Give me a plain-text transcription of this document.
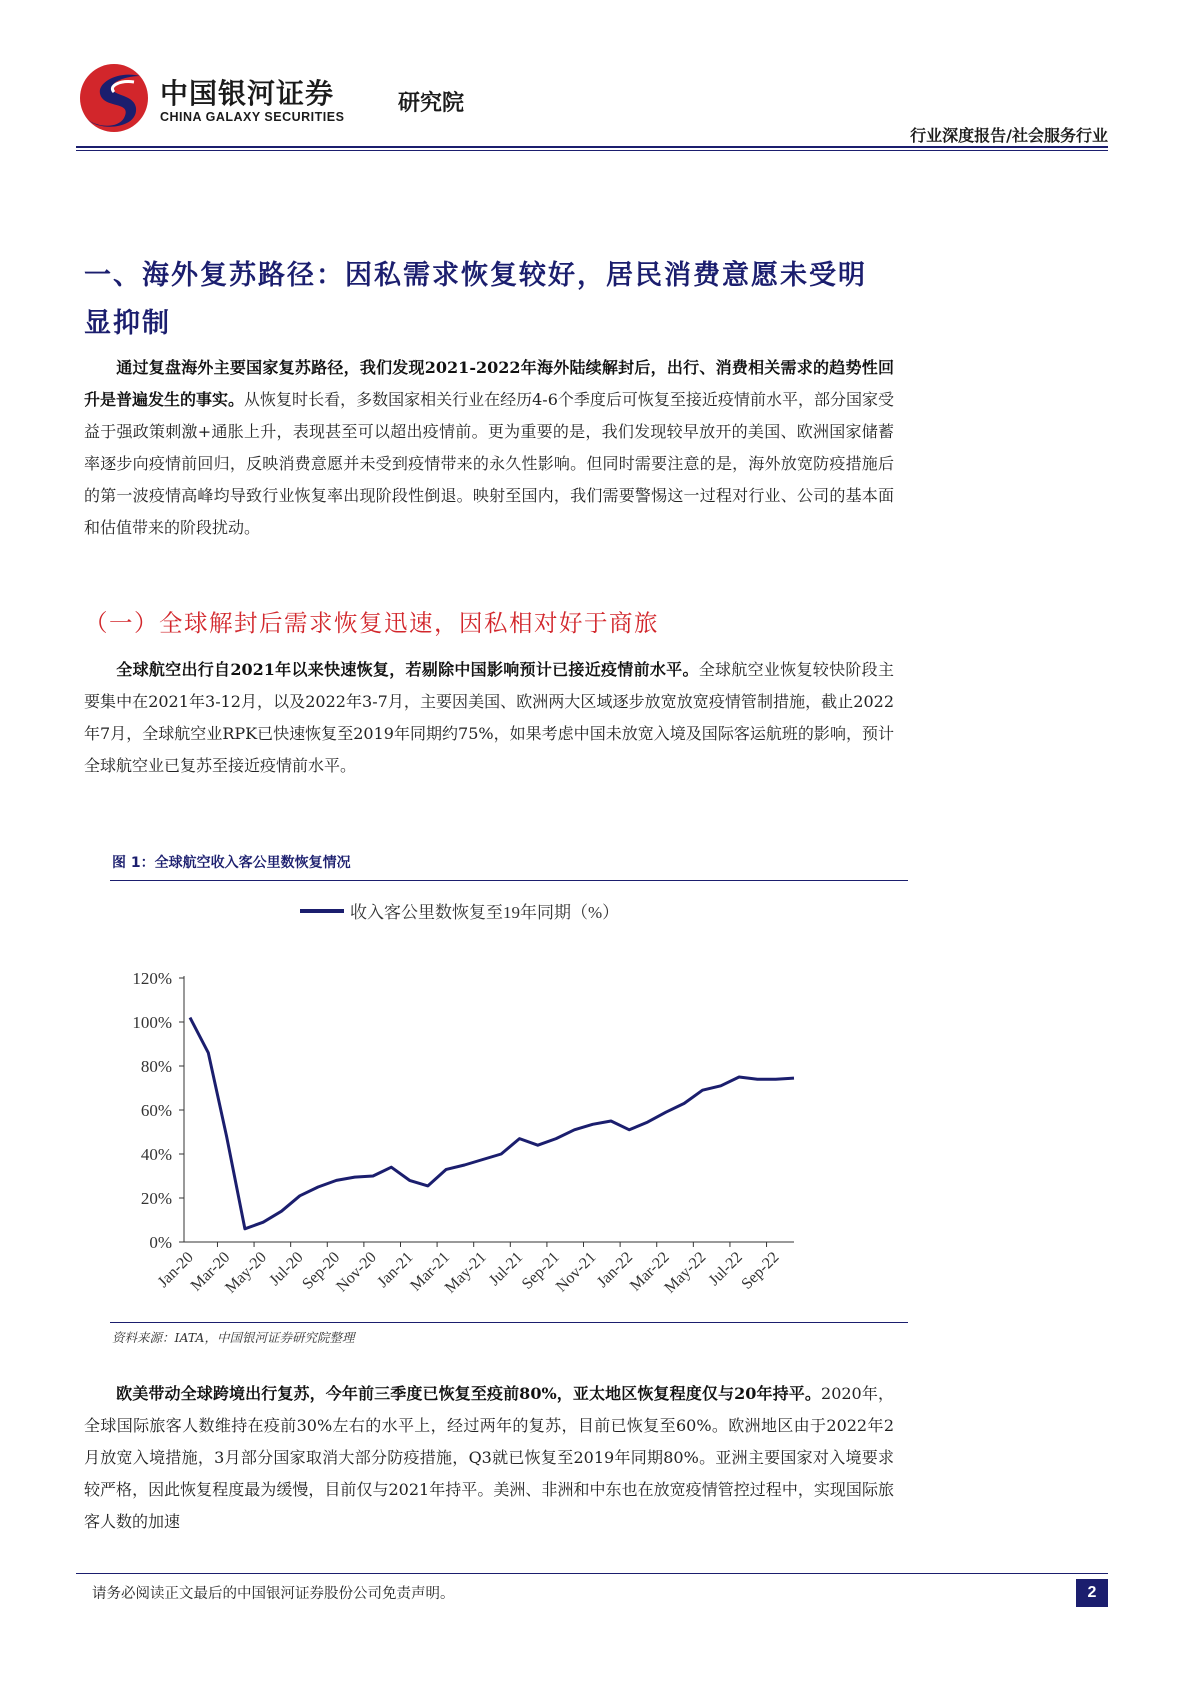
中国银河证券
CHINA GALAXY SECURITIES
研究院
行业深度报告/社会服务行业
一、海外复苏路径：因私需求恢复较好，居民消费意愿未受明显抑制
  通过复盘海外主要国家复苏路径，我们发现2021-2022年海外陆续解封后，出行、消费相关需求的趋势性回升是普遍发生的事实。从恢复时长看，多数国家相关行业在经历4-6个季度后可恢复至接近疫情前水平，部分国家受益于强政策刺激+通胀上升，表现甚至可以超出疫情前。更为重要的是，我们发现较早放开的美国、欧洲国家储蓄率逐步向疫情前回归，反映消费意愿并未受到疫情带来的永久性影响。但同时需要注意的是，海外放宽防疫措施后的第一波疫情高峰均导致行业恢复率出现阶段性倒退。映射至国内，我们需要警惕这一过程对行业、公司的基本面和估值带来的阶段扰动。
（一）全球解封后需求恢复迅速，因私相对好于商旅
  全球航空出行自2021年以来快速恢复，若剔除中国影响预计已接近疫情前水平。全球航空业恢复较快阶段主要集中在2021年3-12月，以及2022年3-7月，主要因美国、欧洲两大区域逐步放宽放宽疫情管制措施，截止2022年7月，全球航空业RPK已快速恢复至2019年同期约75%，如果考虑中国未放宽入境及国际客运航班的影响，预计全球航空业已复苏至接近疫情前水平。
图 1：全球航空收入客公里数恢复情况
收入客公里数恢复至19年同期（%）
0%
20%
40%
60%
80%
100%
120%
Jan-20
Mar-20
May-20
Jul-20
Sep-20
Nov-20
Jan-21
Mar-21
May-21
Jul-21
Sep-21
Nov-21
Jan-22
Mar-22
May-22
Jul-22
Sep-22
资料来源：IATA，中国银河证券研究院整理
  欧美带动全球跨境出行复苏，今年前三季度已恢复至疫前80%，亚太地区恢复程度仅与20年持平。2020年，全球国际旅客人数维持在疫前30%左右的水平上，经过两年的复苏，目前已恢复至60%。欧洲地区由于2022年2月放宽入境措施，3月部分国家取消大部分防疫措施，Q3就已恢复至2019年同期80%。亚洲主要国家对入境要求较严格，因此恢复程度最为缓慢，目前仅与2021年持平。美洲、非洲和中东也在放宽疫情管控过程中，实现国际旅客人数的加速
请务必阅读正文最后的中国银河证券股份公司免责声明。	2
